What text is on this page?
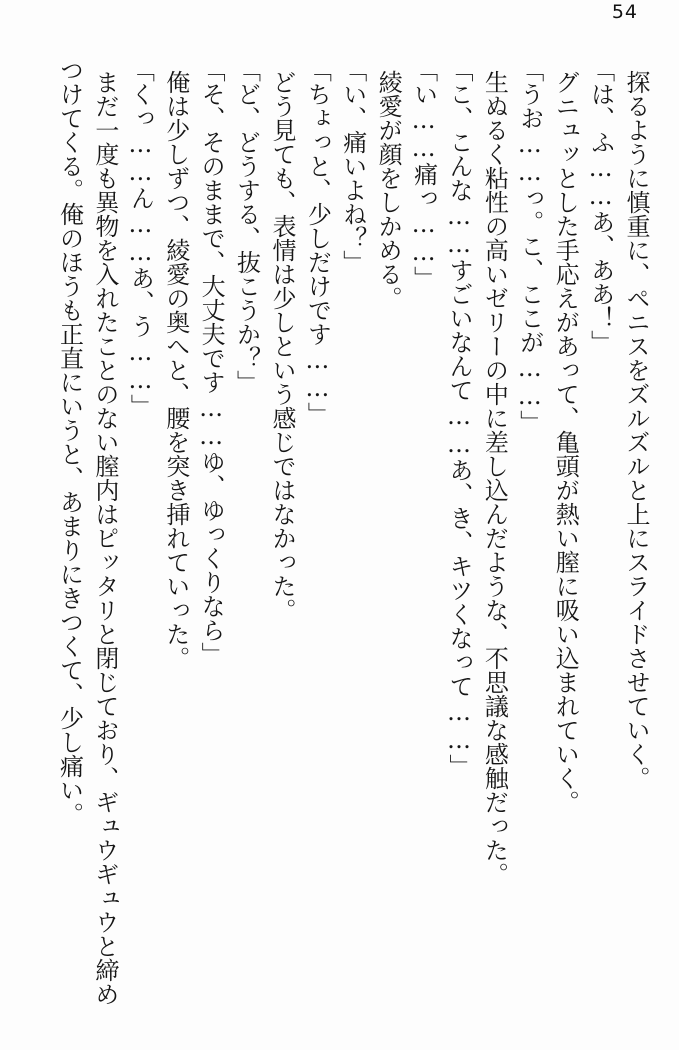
54

探るように慎重に、ペニスをズルズルと上にスライドさせていく。

「は、ふ……あ、ああ！」

グニュッとした手応えがあって、亀頭が熱い膣に吸い込まれていく。

「うお……っ。こ、ここが……」

生ぬるく粘性の高いゼリーの中に差し込んだような、不思議な感触だった。

「こ、こんな……すごいなんて……あ、き、キツくなって……」

「い……痛っ……」

綾愛が顔をしかめる。

「い、痛いよね？」

「ちょっと、少しだけです……」

どう見ても、表情は少しという感じではなかった。

「ど、どうする、抜こうか？」

「そ、そのままで、大丈夫です……ゆ、ゆっくりなら」

俺は少しずつ、綾愛の奥へと、腰を突き挿れていった。

「くっ……ん……あ、う……」

まだ一度も異物を入れたことのない膣内はピッタリと閉じており、ギュウギュウと締めつけてくる。俺のほうも正直にいうと、あまりにきつくて、少し痛い。
